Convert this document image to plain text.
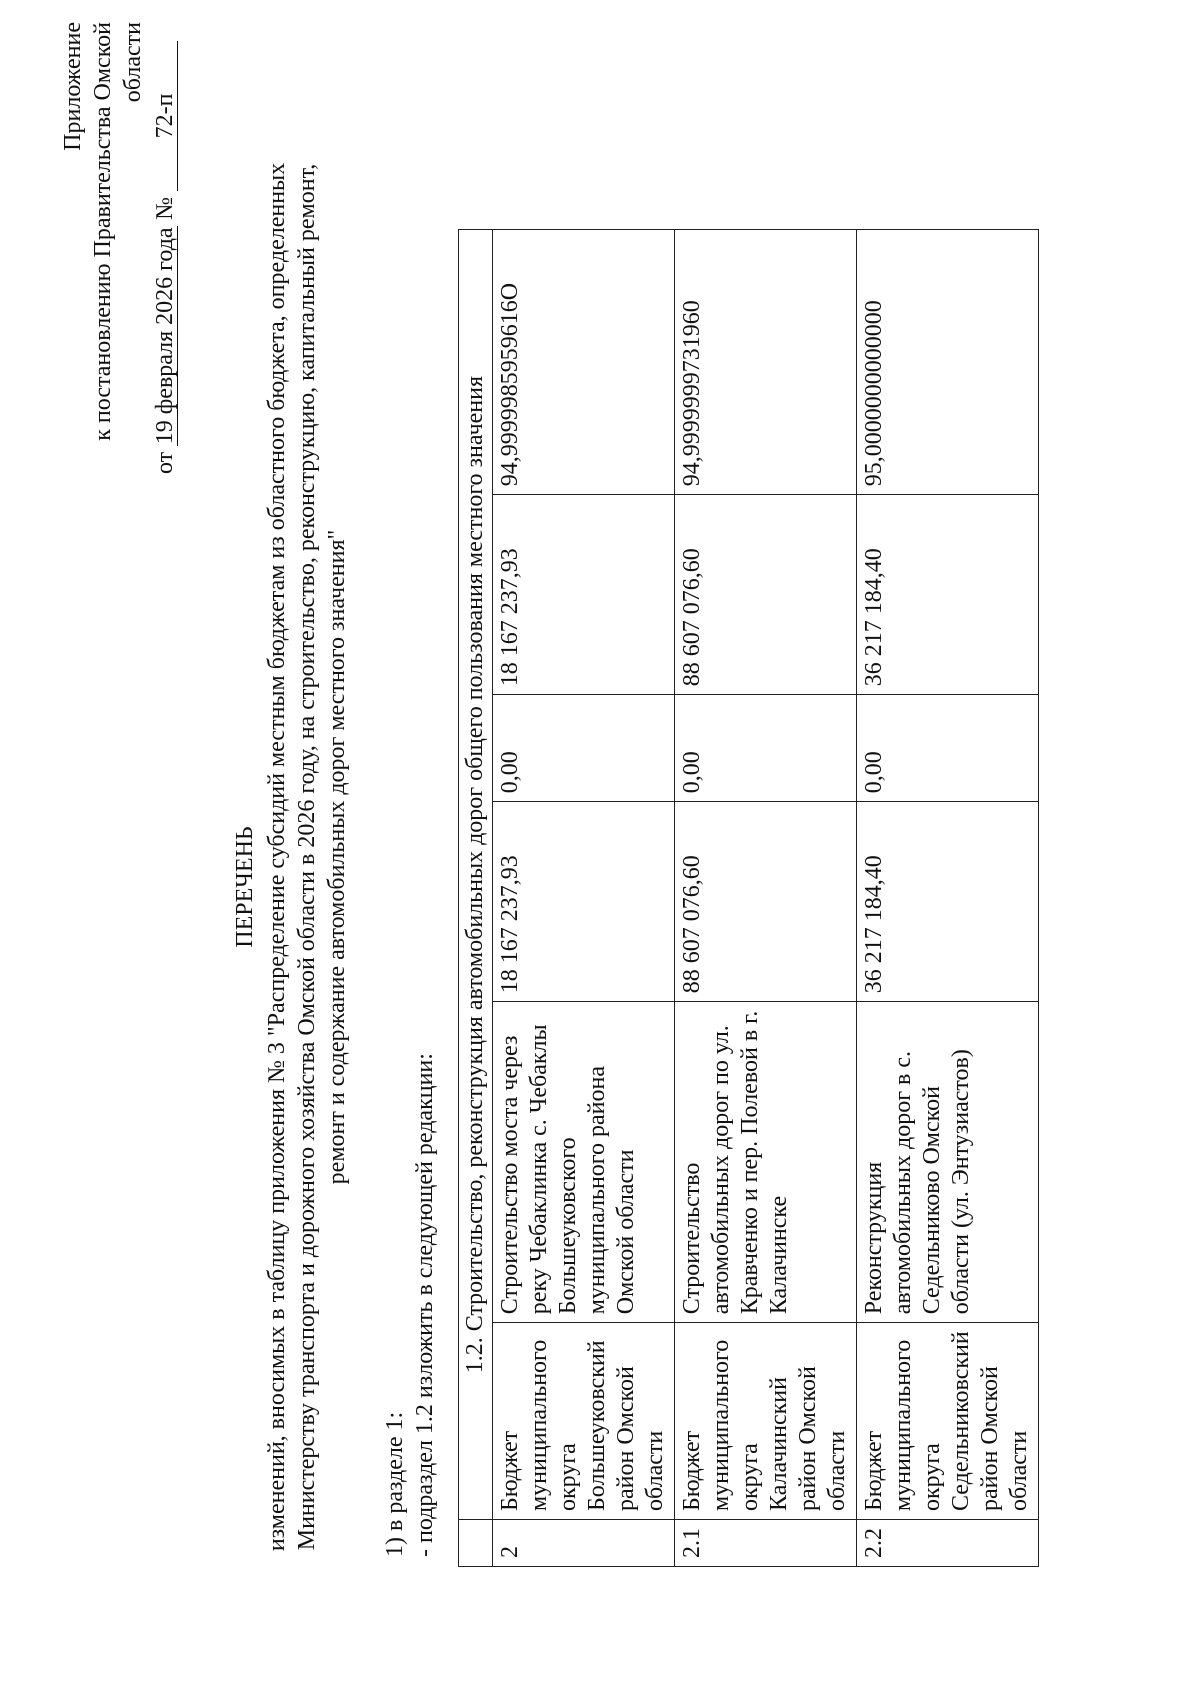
Приложение к постановлению Правительства Омской области
от 19 февраля 2026 года № 72-п
ПЕРЕЧЕНЬ изменений, вносимых в таблицу приложения № 3 "Распределение субсидий местным бюджетам из областного бюджета, определенных Министерству транспорта и дорожного хозяйства Омской области в 2026 году, на строительство, реконструкцию, капитальный ремонт, ремонт и содержание автомобильных дорог местного значения"
1) в разделе 1: - подраздел 1.2 изложить в следующей редакции:
	1.2. Строительство, реконструкция автомобильных дорог общего пользования местного значения					
2	Бюджет муниципального округа Большеуковский район Омской области	Строительство моста через реку Чебаклинка с. Чебаклы Большеуковского муниципального района Омской области	18 167 237,93	0,00	18 167 237,93	94,9999985959616О
2.1	Бюджет муниципального округа Калачинский район Омской области	Строительство автомобильных дорог по ул. Кравченко и пер. Полевой в г. Калачинске	88 607 076,60	0,00	88 607 076,60	94,9999999731960
2.2	Бюджет муниципального округа Седельниковский район Омской области	Реконструкция автомобильных дорог в с. Седельниково Омской области (ул. Энтузиастов)	36 217 184,40	0,00	36 217 184,40	95,0000000000000
